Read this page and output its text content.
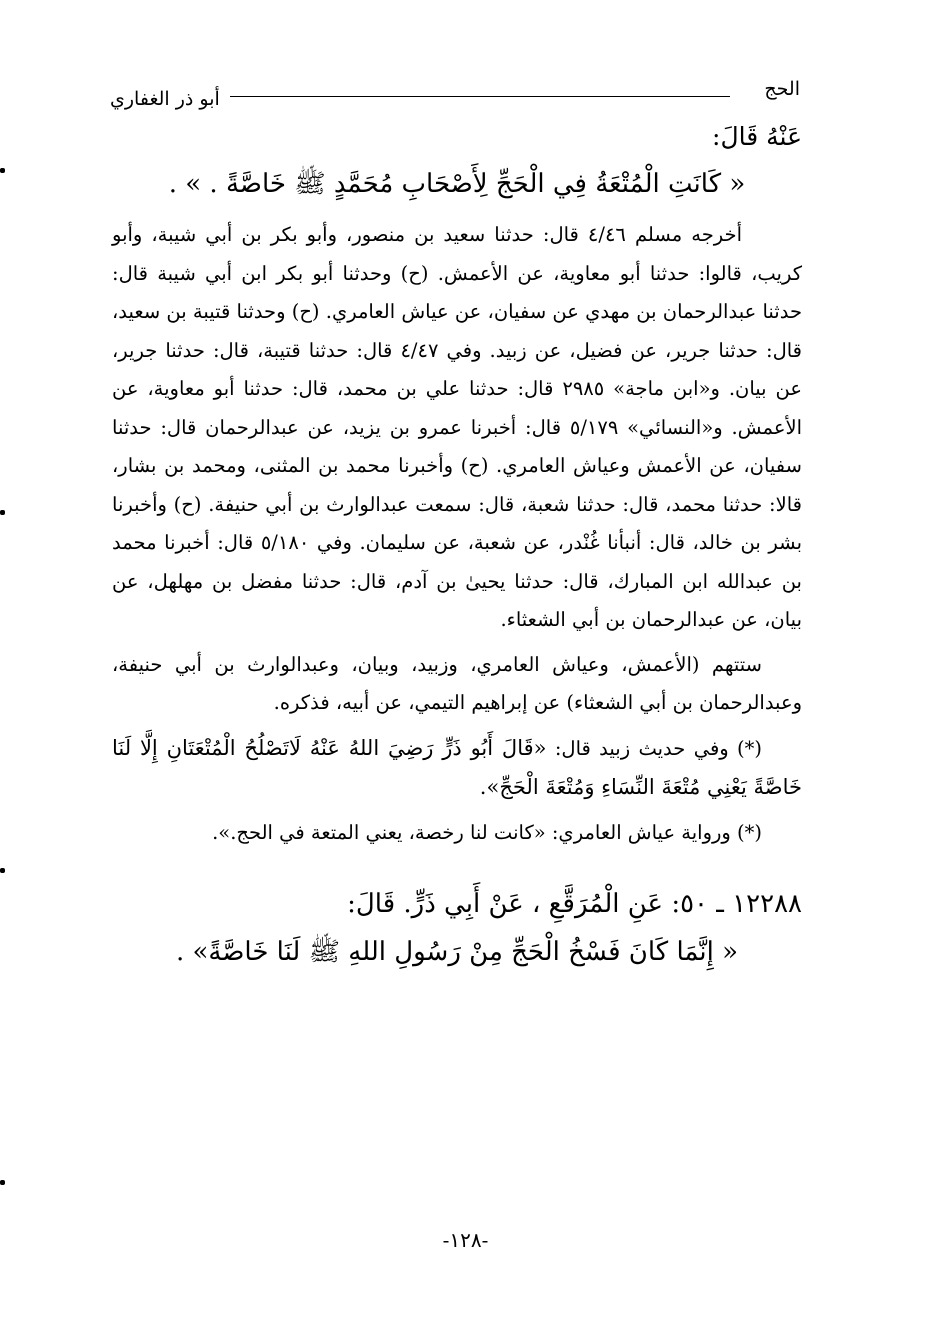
الحج
أبو ذر الغفاري

عَنْهُ قَالَ:

« كَانَتِ الْمُتْعَةُ فِي الْحَجِّ لِأَصْحَابِ مُحَمَّدٍ ﷺ خَاصَّةً . » .

أخرجه مسلم ٤/٤٦ قال: حدثنا سعيد بن منصور، وأبو بكر بن أبي شيبة، وأبو كريب، قالوا: حدثنا أبو معاوية، عن الأعمش. (ح) وحدثنا أبو بكر ابن أبي شيبة قال: حدثنا عبدالرحمان بن مهدي عن سفيان، عن عياش العامري. (ح) وحدثنا قتيبة بن سعيد، قال: حدثنا جرير، عن فضيل، عن زبيد. وفي ٤/٤٧ قال: حدثنا قتيبة، قال: حدثنا جرير، عن بيان. و«ابن ماجة» ٢٩٨٥ قال: حدثنا علي بن محمد، قال: حدثنا أبو معاوية، عن الأعمش. و«النسائي» ٥/١٧٩ قال: أخبرنا عمرو بن يزيد، عن عبدالرحمان قال: حدثنا سفيان، عن الأعمش وعياش العامري. (ح) وأخبرنا محمد بن المثنى، ومحمد بن بشار، قالا: حدثنا محمد، قال: حدثنا شعبة، قال: سمعت عبدالوارث بن أبي حنيفة. (ح) وأخبرنا بشر بن خالد، قال: أنبأنا غُنْدر، عن شعبة، عن سليمان. وفي ٥/١٨٠ قال: أخبرنا محمد بن عبدالله ابن المبارك، قال: حدثنا يحيىٰ بن آدم، قال: حدثنا مفضل بن مهلهل، عن بيان، عن عبدالرحمان بن أبي الشعثاء.

ستتهم (الأعمش، وعياش العامري، وزبيد، وبيان، وعبدالوارث بن أبي حنيفة، وعبدالرحمان بن أبي الشعثاء) عن إبراهيم التيمي، عن أبيه، فذكره.

(*) وفي حديث زبيد قال: «قَالَ أَبُو ذَرٍّ رَضِيَ اللهُ عَنْهُ لَاتَصْلُحُ الْمُتْعَتَانِ إِلَّا لَنَا خَاصَّةً يَعْنِي مُتْعَةَ النِّسَاءِ وَمُتْعَةَ الْحَجِّ».

(*) ورواية عياش العامري: «كانت لنا رخصة، يعني المتعة في الحج.».

١٢٢٨٨ ـ ٥٠: عَنِ الْمُرَقَّعِ ، عَنْ أَبِي ذَرٍّ. قَالَ:

« إِنَّمَا كَانَ فَسْخُ الْحَجِّ مِنْ رَسُولِ اللهِ ﷺ لَنَا خَاصَّةً» .

-١٢٨-
